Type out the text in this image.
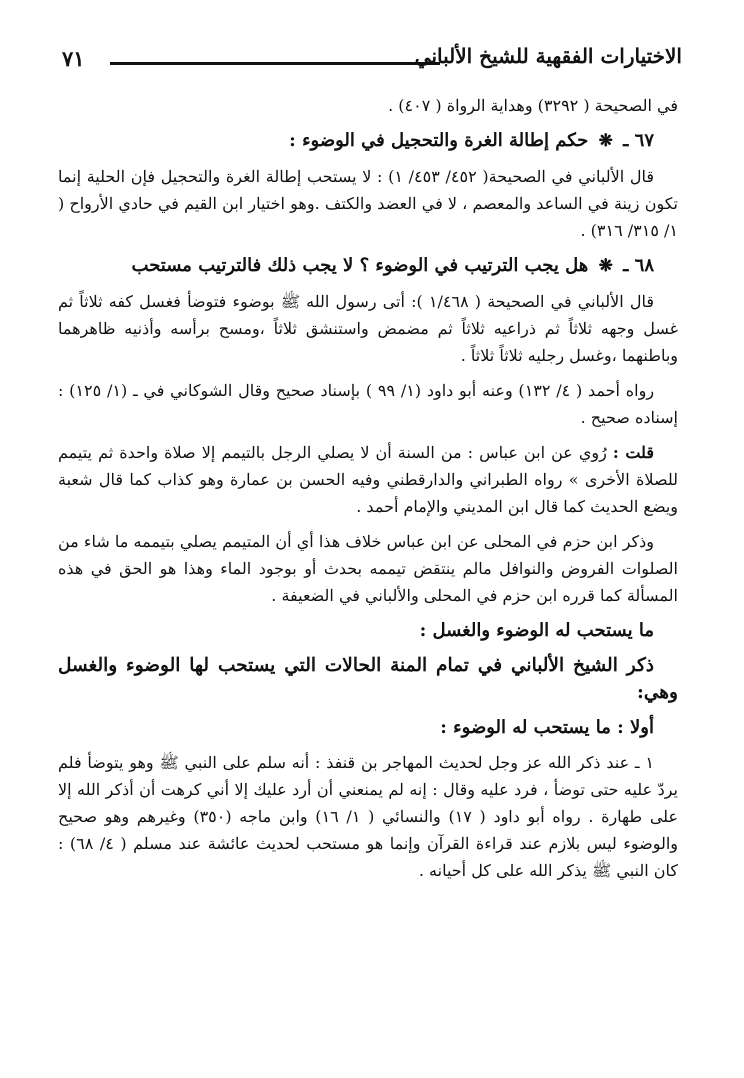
٧١	الاختيارات الفقهية للشيخ الألباني

في الصحيحة ( ٣٢٩٢) وهداية الرواة ( ٤٠٧) .

٦٧ ـ ❋ حكم إطالة الغرة والتحجيل في الوضوء :

قال الألباني في الصحيحة( ٤٥٢/ ٤٥٣/ ١) : لا يستحب إطالة الغرة والتحجيل فإن الحلية إنما تكون زينة في الساعد والمعصم ، لا في العضد والكتف .وهو اختيار ابن القيم في حادي الأرواح ( ١/ ٣١٥/ ٣١٦) .

٦٨ ـ ❋ هل يجب الترتيب في الوضوء ؟ لا يجب ذلك فالترتيب مستحب

قال الألباني في الصحيحة ( ١/٤٦٨ ): أتى رسول الله ﷺ بوضوء فتوضأ فغسل كفه ثلاثاً ثم غسل وجهه ثلاثاً ثم ذراعيه ثلاثاً ثم مضمض واستنشق ثلاثاً ،ومسح برأسه وأذنيه ظاهرهما وباطنهما ،وغسل رجليه ثلاثاً ثلاثاً .

رواه أحمد ( ٤/ ١٣٢) وعنه أبو داود (١/ ٩٩ ) بإسناد صحيح وقال الشوكاني في ـ (١/ ١٢٥) : إسناده صحيح .

قلت : رُوي عن ابن عباس : من السنة أن لا يصلي الرجل بالتيمم إلا صلاة واحدة ثم يتيمم للصلاة الأخرى » رواه الطبراني والدارقطني وفيه الحسن بن عمارة وهو كذاب كما قال شعبة ويضع الحديث كما قال ابن المديني والإمام أحمد .

وذكر ابن حزم في المحلى عن ابن عباس خلاف هذا أي أن المتيمم يصلي بتيممه ما شاء من الصلوات الفروض والنوافل مالم ينتقض تيممه بحدث أو بوجود الماء وهذا هو الحق في هذه المسألة كما قرره ابن حزم في المحلى والألباني في الضعيفة .

ما يستحب له الوضوء والغسل :
ذكر الشيخ الألباني في تمام المنة الحالات التي يستحب لها الوضوء والغسل وهي:
أولا : ما يستحب له الوضوء :

١ ـ عند ذكر الله عز وجل لحديث المهاجر بن قنفذ : أنه سلم على النبي ﷺ وهو يتوضأ فلم يردّ عليه حتى توضأ ، فرد عليه وقال : إنه لم يمنعني أن أرد عليك إلا أني كرهت أن أذكر الله إلا على طهارة . رواه أبو داود ( ١٧) والنسائي ( ١/ ١٦) وابن ماجه (٣٥٠) وغيرهم وهو صحيح والوضوء ليس بلازم عند قراءة القرآن وإنما هو مستحب لحديث عائشة عند مسلم ( ٤/ ٦٨) : كان النبي ﷺ يذكر الله على كل أحيانه .
